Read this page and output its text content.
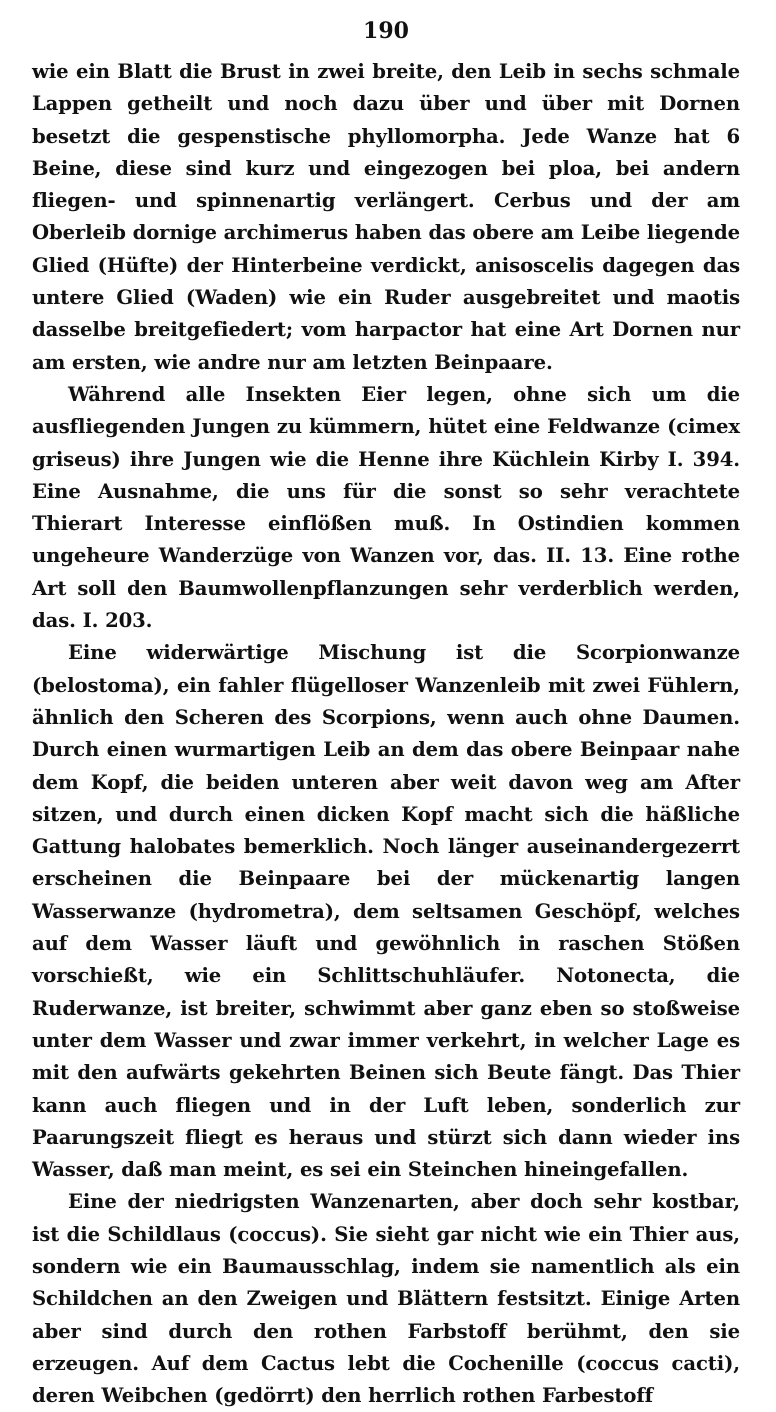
190

wie ein Blatt die Brust in zwei breite, den Leib in sechs schmale Lappen getheilt und noch dazu über und über mit Dornen besetzt die gespenstische phyllomorpha. Jede Wanze hat 6 Beine, diese sind kurz und eingezogen bei ploa, bei andern fliegen- und spinnenartig verlängert. Cerbus und der am Oberleib dornige archimerus haben das obere am Leibe liegende Glied (Hüfte) der Hinterbeine verdickt, anisoscelis dagegen das untere Glied (Waden) wie ein Ruder ausgebreitet und maotis dasselbe breitgefiedert; vom harpactor hat eine Art Dornen nur am ersten, wie andre nur am letzten Beinpaare.

Während alle Insekten Eier legen, ohne sich um die ausfliegenden Jungen zu kümmern, hütet eine Feldwanze (cimex griseus) ihre Jungen wie die Henne ihre Küchlein Kirby I. 394. Eine Ausnahme, die uns für die sonst so sehr verachtete Thierart Interesse einflößen muß. In Ostindien kommen ungeheure Wanderzüge von Wanzen vor, das. II. 13. Eine rothe Art soll den Baumwollenpflanzungen sehr verderblich werden, das. I. 203.

Eine widerwärtige Mischung ist die Scorpionwanze (belostoma), ein fahler flügelloser Wanzenleib mit zwei Fühlern, ähnlich den Scheren des Scorpions, wenn auch ohne Daumen. Durch einen wurmartigen Leib an dem das obere Beinpaar nahe dem Kopf, die beiden unteren aber weit davon weg am After sitzen, und durch einen dicken Kopf macht sich die häßliche Gattung halobates bemerklich. Noch länger auseinandergezerrt erscheinen die Beinpaare bei der mückenartig langen Wasserwanze (hydrometra), dem seltsamen Geschöpf, welches auf dem Wasser läuft und gewöhnlich in raschen Stößen vorschießt, wie ein Schlittschuhläufer. Notonecta, die Ruderwanze, ist breiter, schwimmt aber ganz eben so stoßweise unter dem Wasser und zwar immer verkehrt, in welcher Lage es mit den aufwärts gekehrten Beinen sich Beute fängt. Das Thier kann auch fliegen und in der Luft leben, sonderlich zur Paarungszeit fliegt es heraus und stürzt sich dann wieder ins Wasser, daß man meint, es sei ein Steinchen hineingefallen.

Eine der niedrigsten Wanzenarten, aber doch sehr kostbar, ist die Schildlaus (coccus). Sie sieht gar nicht wie ein Thier aus, sondern wie ein Baumausschlag, indem sie namentlich als ein Schildchen an den Zweigen und Blättern festsitzt. Einige Arten aber sind durch den rothen Farbstoff berühmt, den sie erzeugen. Auf dem Cactus lebt die Cochenille (coccus cacti), deren Weibchen (gedörrt) den herrlich rothen Farbestoff
